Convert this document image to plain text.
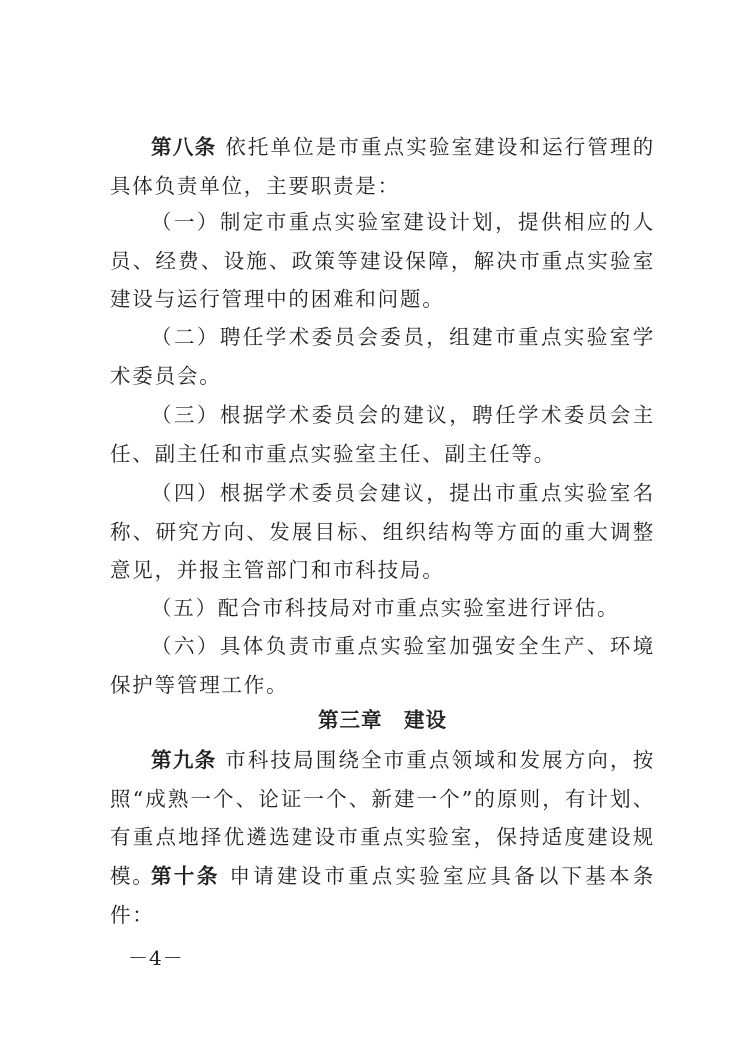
第八条 依托单位是市重点实验室建设和运行管理的具体负责单位，主要职责是：

（一）制定市重点实验室建设计划，提供相应的人员、经费、设施、政策等建设保障，解决市重点实验室建设与运行管理中的困难和问题。

（二）聘任学术委员会委员，组建市重点实验室学术委员会。

（三）根据学术委员会的建议，聘任学术委员会主任、副主任和市重点实验室主任、副主任等。

（四）根据学术委员会建议，提出市重点实验室名称、研究方向、发展目标、组织结构等方面的重大调整意见，并报主管部门和市科技局。

（五）配合市科技局对市重点实验室进行评估。

（六）具体负责市重点实验室加强安全生产、环境保护等管理工作。

第三章　建设

第九条 市科技局围绕全市重点领域和发展方向，按照“成熟一个、论证一个、新建一个”的原则，有计划、有重点地择优遴选建设市重点实验室，保持适度建设规模。

第十条 申请建设市重点实验室应具备以下基本条件：

－4－
